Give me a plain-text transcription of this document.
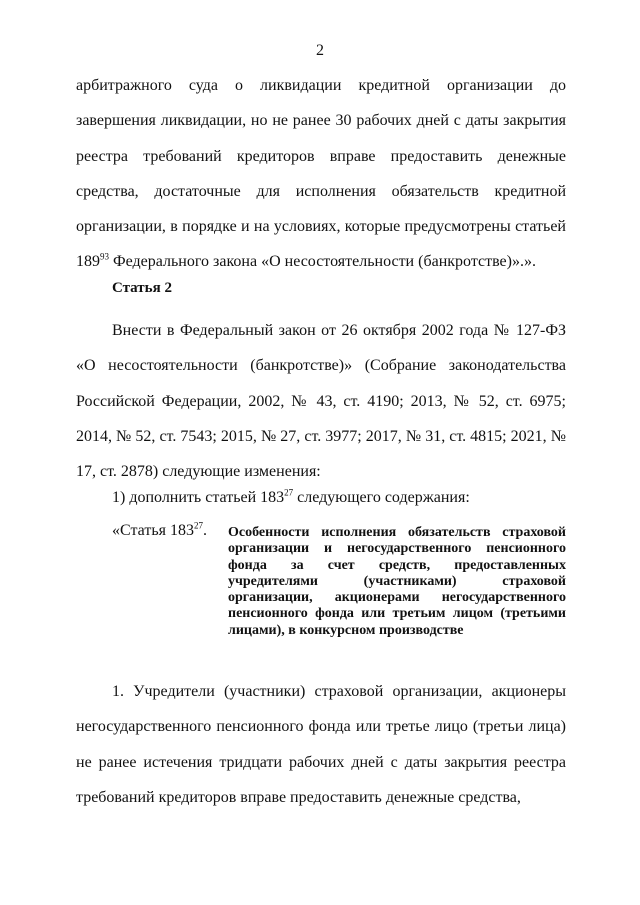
2

арбитражного суда о ликвидации кредитной организации до завершения ликвидации, но не ранее 30 рабочих дней с даты закрытия реестра требований кредиторов вправе предоставить денежные средства, достаточные для исполнения обязательств кредитной организации, в порядке и на условиях, которые предусмотрены статьей $189^{93}$ Федерального закона «О несостоятельности (банкротстве)».».

Статья 2

Внести в Федеральный закон от 26 октября 2002 года № 127-ФЗ «О несостоятельности (банкротстве)» (Собрание законодательства Российской Федерации, 2002, № 43, ст. 4190; 2013, № 52, ст. 6975; 2014, № 52, ст. 7543; 2015, № 27, ст. 3977; 2017, № 31, ст. 4815; 2021, № 17, ст. 2878) следующие изменения:

1) дополнить статьей $183^{27}$ следующего содержания:

«Статья $183^{27}$. Особенности исполнения обязательств страховой организации и негосударственного пенсионного фонда за счет средств, предоставленных учредителями (участниками) страховой организации, акционерами негосударственного пенсионного фонда или третьим лицом (третьими лицами), в конкурсном производстве

1. Учредители (участники) страховой организации, акционеры негосударственного пенсионного фонда или третье лицо (третьи лица) не ранее истечения тридцати рабочих дней с даты закрытия реестра требований кредиторов вправе предоставить денежные средства,
